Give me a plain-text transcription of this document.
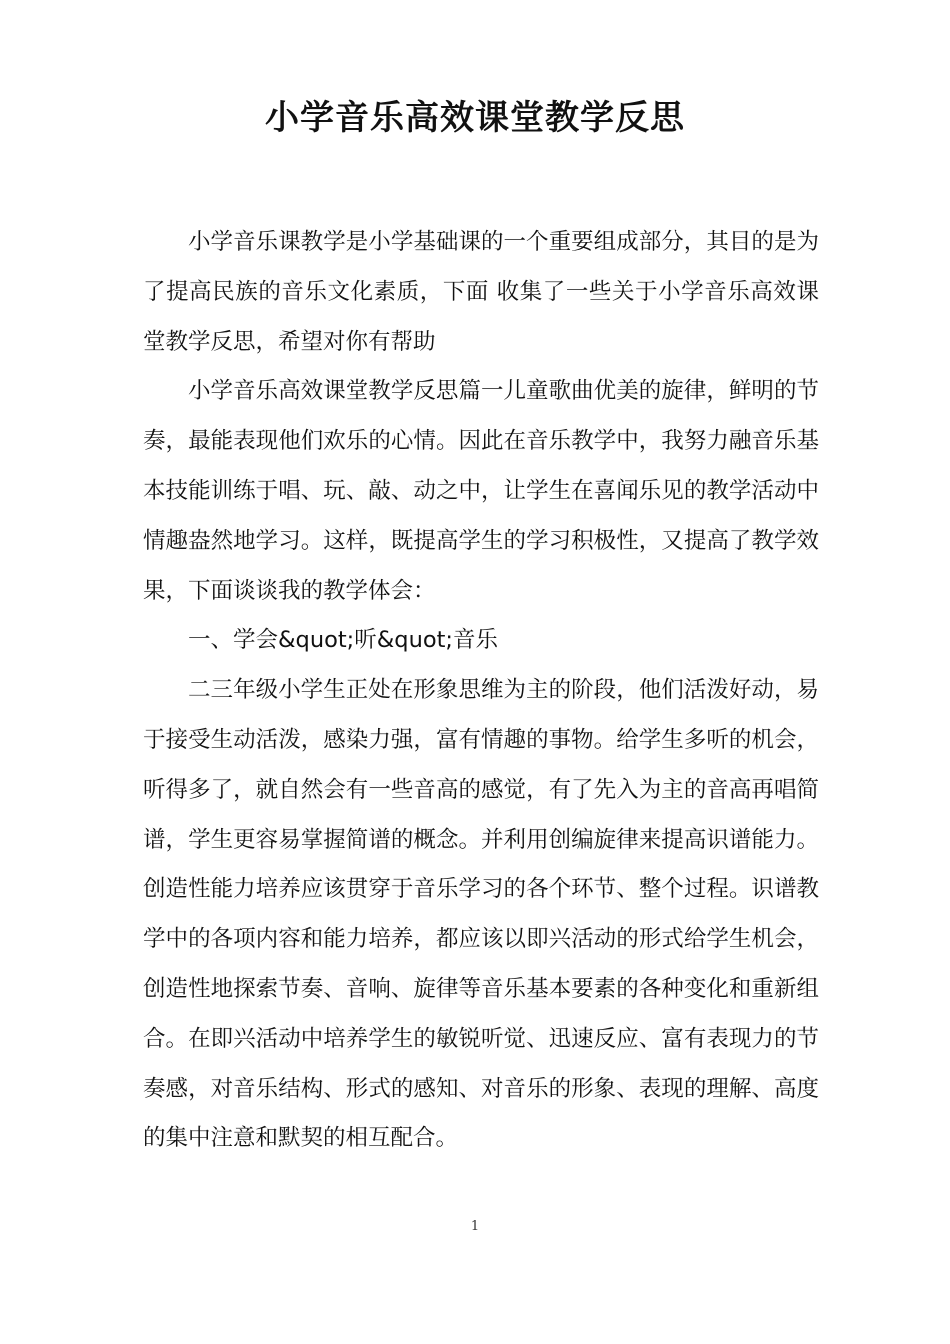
小学音乐高效课堂教学反思

小学音乐课教学是小学基础课的一个重要组成部分，其目的是为了提高民族的音乐文化素质，下面 收集了一些关于小学音乐高效课堂教学反思，希望对你有帮助

小学音乐高效课堂教学反思篇一儿童歌曲优美的旋律，鲜明的节奏，最能表现他们欢乐的心情。因此在音乐教学中，我努力融音乐基本技能训练于唱、玩、敲、动之中，让学生在喜闻乐见的教学活动中情趣盎然地学习。这样，既提高学生的学习积极性，又提高了教学效果，下面谈谈我的教学体会：

一、学会&quot;听&quot;音乐

二三年级小学生正处在形象思维为主的阶段，他们活泼好动，易于接受生动活泼，感染力强，富有情趣的事物。给学生多听的机会，听得多了，就自然会有一些音高的感觉，有了先入为主的音高再唱简谱，学生更容易掌握简谱的概念。并利用创编旋律来提高识谱能力。创造性能力培养应该贯穿于音乐学习的各个环节、整个过程。识谱教学中的各项内容和能力培养，都应该以即兴活动的形式给学生机会，创造性地探索节奏、音响、旋律等音乐基本要素的各种变化和重新组合。在即兴活动中培养学生的敏锐听觉、迅速反应、富有表现力的节奏感，对音乐结构、形式的感知、对音乐的形象、表现的理解、高度的集中注意和默契的相互配合。

1
